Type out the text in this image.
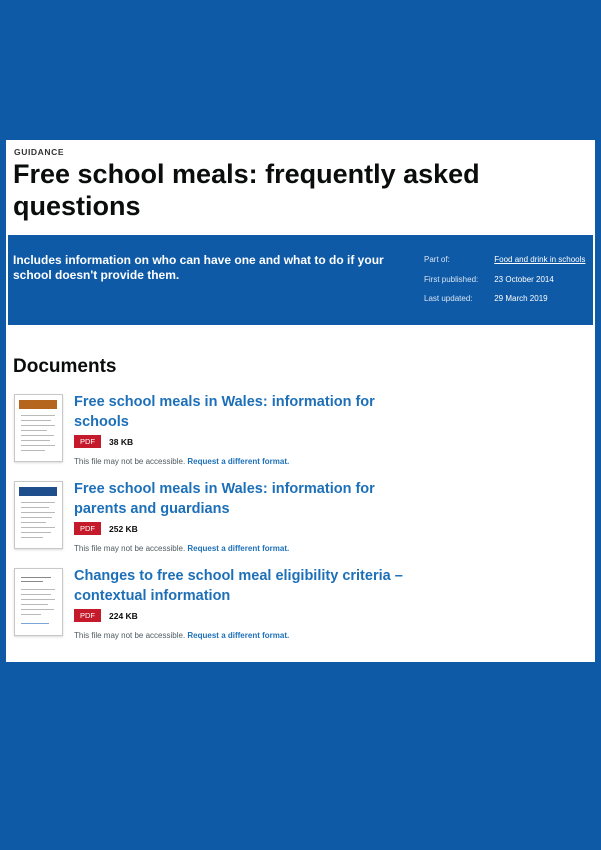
GUIDANCE
Free school meals: frequently asked questions
Includes information on who can have one and what to do if your school doesn't provide them.
Part of:	Food and drink in schools
First published: 23 October 2014
Last updated:	29 March 2019
Documents
Free school meals in Wales: information for schools
PDF	38 KB
This file may not be accessible. Request a different format.
Free school meals in Wales: information for parents and guardians
PDF	252 KB
This file may not be accessible. Request a different format.
Changes to free school meal eligibility criteria – contextual information
PDF	224 KB
This file may not be accessible. Request a different format.
